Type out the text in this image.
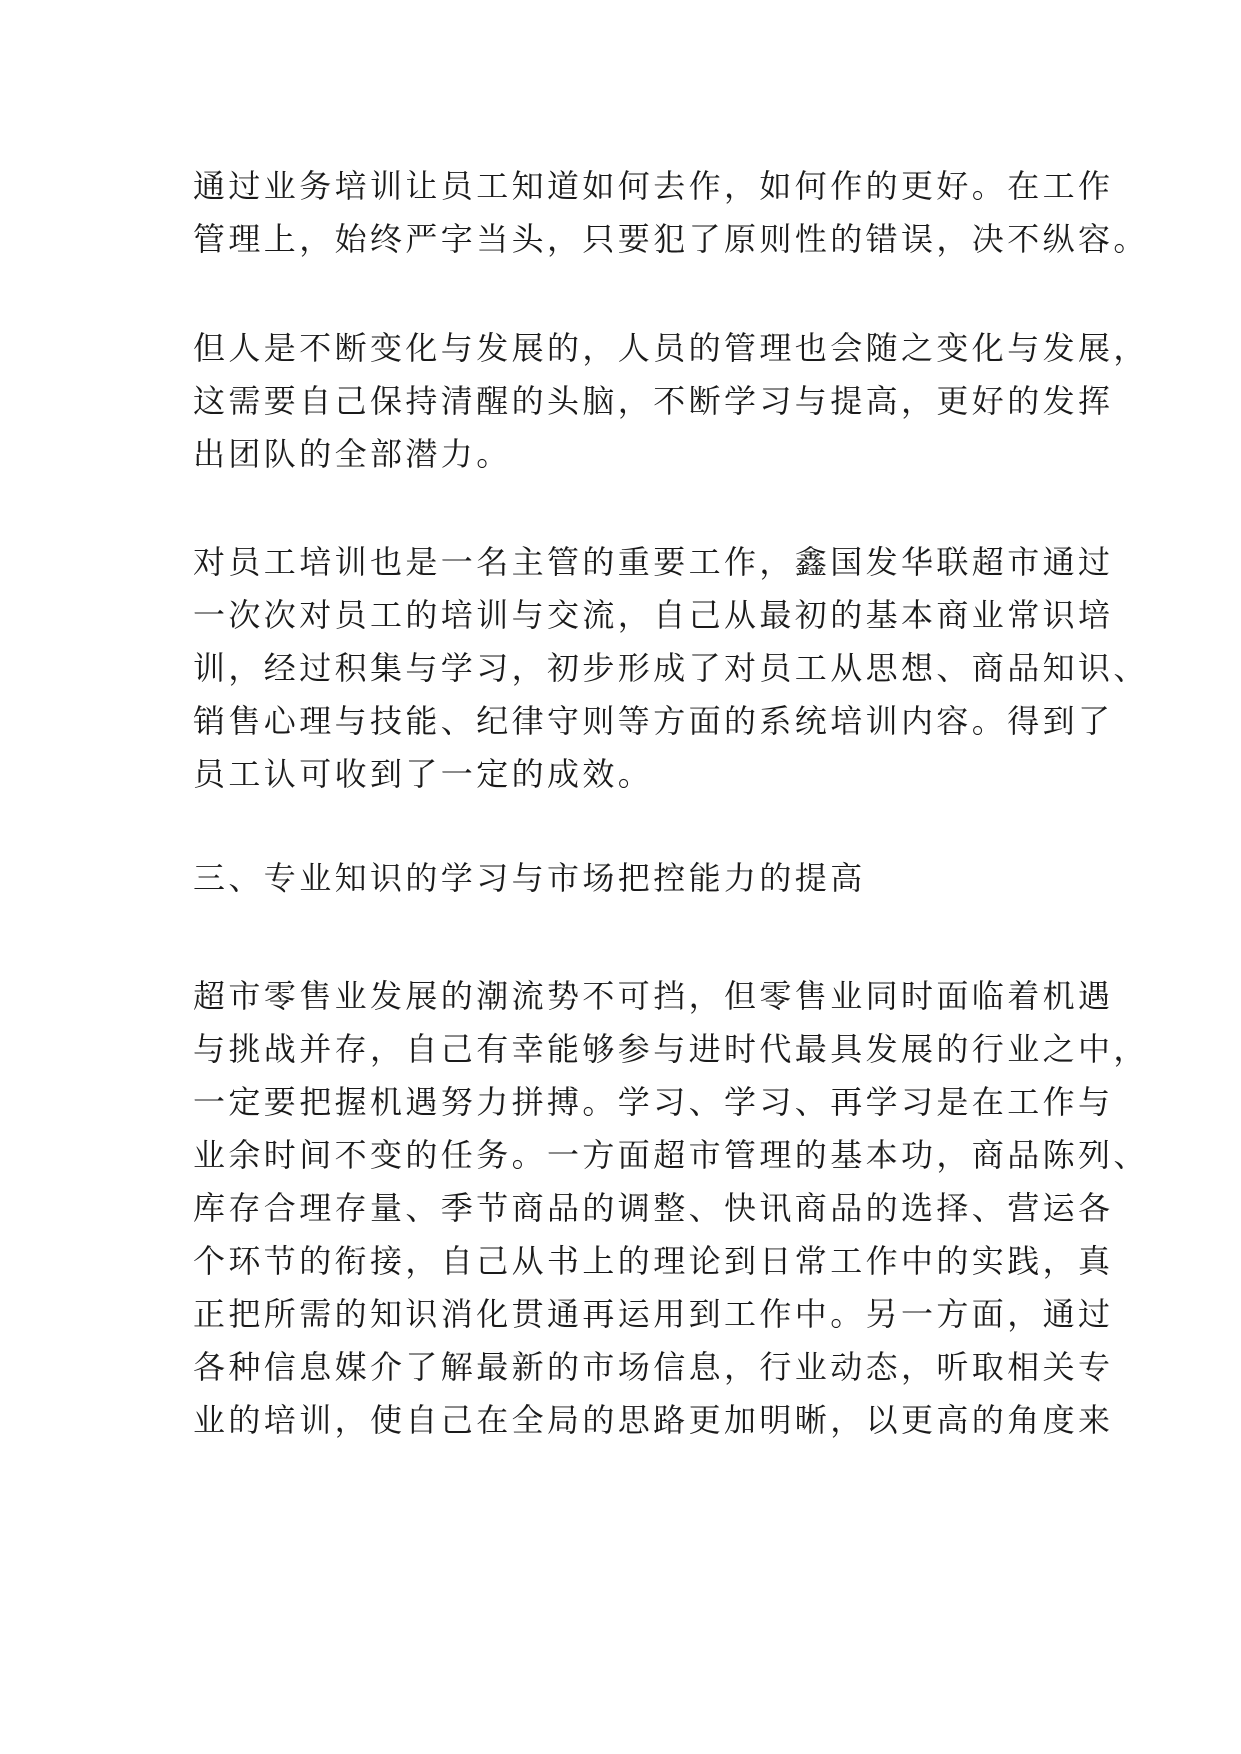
通过业务培训让员工知道如何去作，如何作的更好。在工作
管理上，始终严字当头，只要犯了原则性的错误，决不纵容。
但人是不断变化与发展的，人员的管理也会随之变化与发展，
这需要自己保持清醒的头脑，不断学习与提高，更好的发挥
出团队的全部潜力。
对员工培训也是一名主管的重要工作，鑫国发华联超市通过
一次次对员工的培训与交流，自己从最初的基本商业常识培
训，经过积集与学习，初步形成了对员工从思想、商品知识、
销售心理与技能、纪律守则等方面的系统培训内容。得到了
员工认可收到了一定的成效。
三、专业知识的学习与市场把控能力的提高
超市零售业发展的潮流势不可挡，但零售业同时面临着机遇
与挑战并存，自己有幸能够参与进时代最具发展的行业之中，
一定要把握机遇努力拼搏。学习、学习、再学习是在工作与
业余时间不变的任务。一方面超市管理的基本功，商品陈列、
库存合理存量、季节商品的调整、快讯商品的选择、营运各
个环节的衔接，自己从书上的理论到日常工作中的实践，真
正把所需的知识消化贯通再运用到工作中。另一方面，通过
各种信息媒介了解最新的市场信息，行业动态，听取相关专
业的培训，使自己在全局的思路更加明晰，以更高的角度来
